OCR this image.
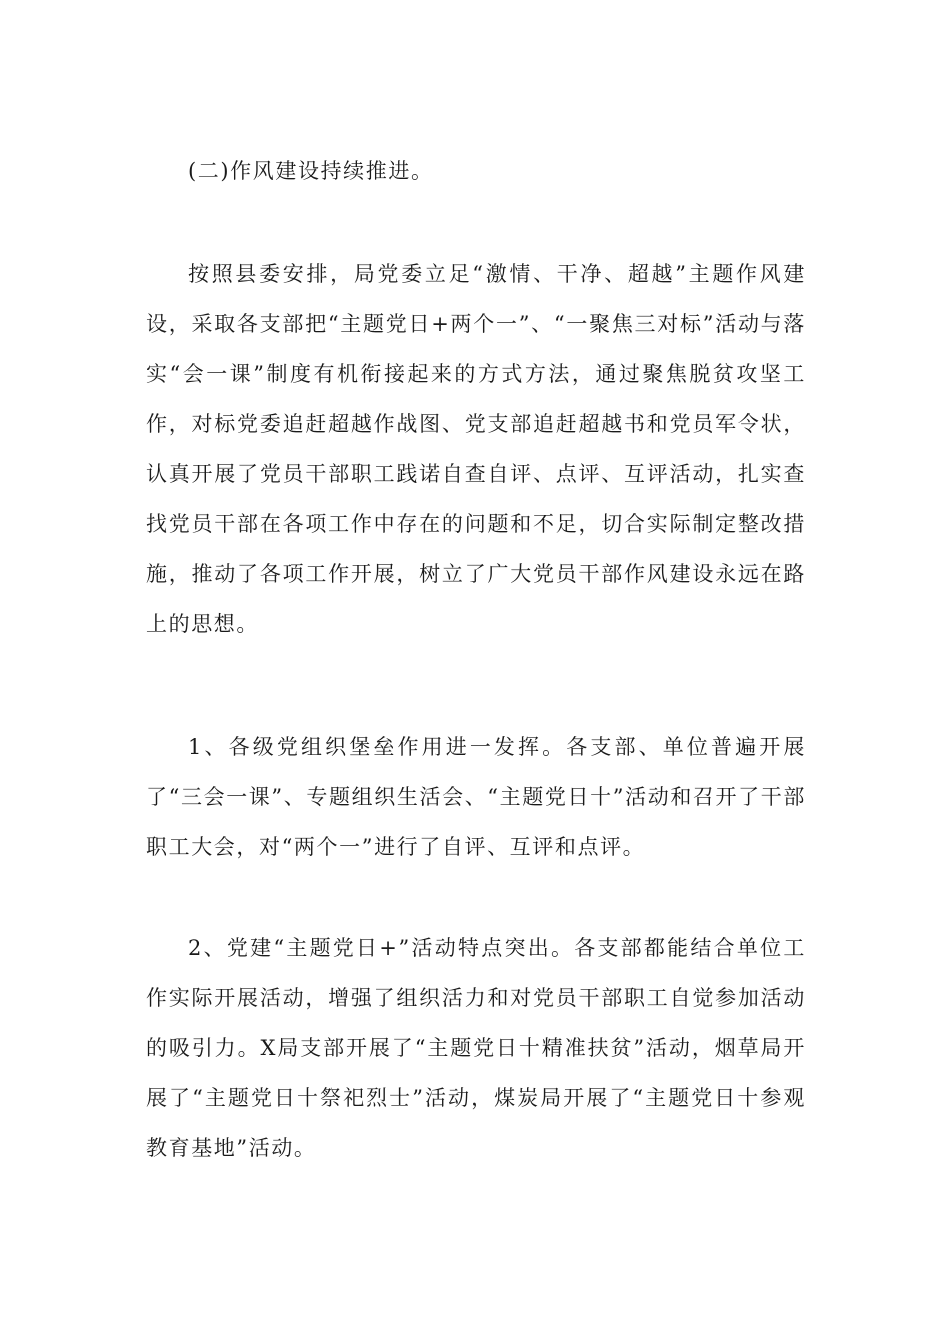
(二)作风建设持续推进。

按照县委安排，局党委立足“激情、干净、超越”主题作风建设，采取各支部把“主题党日+两个一”、“一聚焦三对标”活动与落实“会一课”制度有机衔接起来的方式方法，通过聚焦脱贫攻坚工作，对标党委追赶超越作战图、党支部追赶超越书和党员军令状，认真开展了党员干部职工践诺自查自评、点评、互评活动，扎实查找党员干部在各项工作中存在的问题和不足，切合实际制定整改措施，推动了各项工作开展，树立了广大党员干部作风建设永远在路上的思想。

1、各级党组织堡垒作用进一发挥。各支部、单位普遍开展了“三会一课”、专题组织生活会、“主题党日十”活动和召开了干部职工大会，对“两个一”进行了自评、互评和点评。

2、党建“主题党日+”活动特点突出。各支部都能结合单位工作实际开展活动，增强了组织活力和对党员干部职工自觉参加活动的吸引力。X局支部开展了“主题党日十精准扶贫”活动，烟草局开展了“主题党日十祭祀烈士”活动，煤炭局开展了“主题党日十参观教育基地”活动。
